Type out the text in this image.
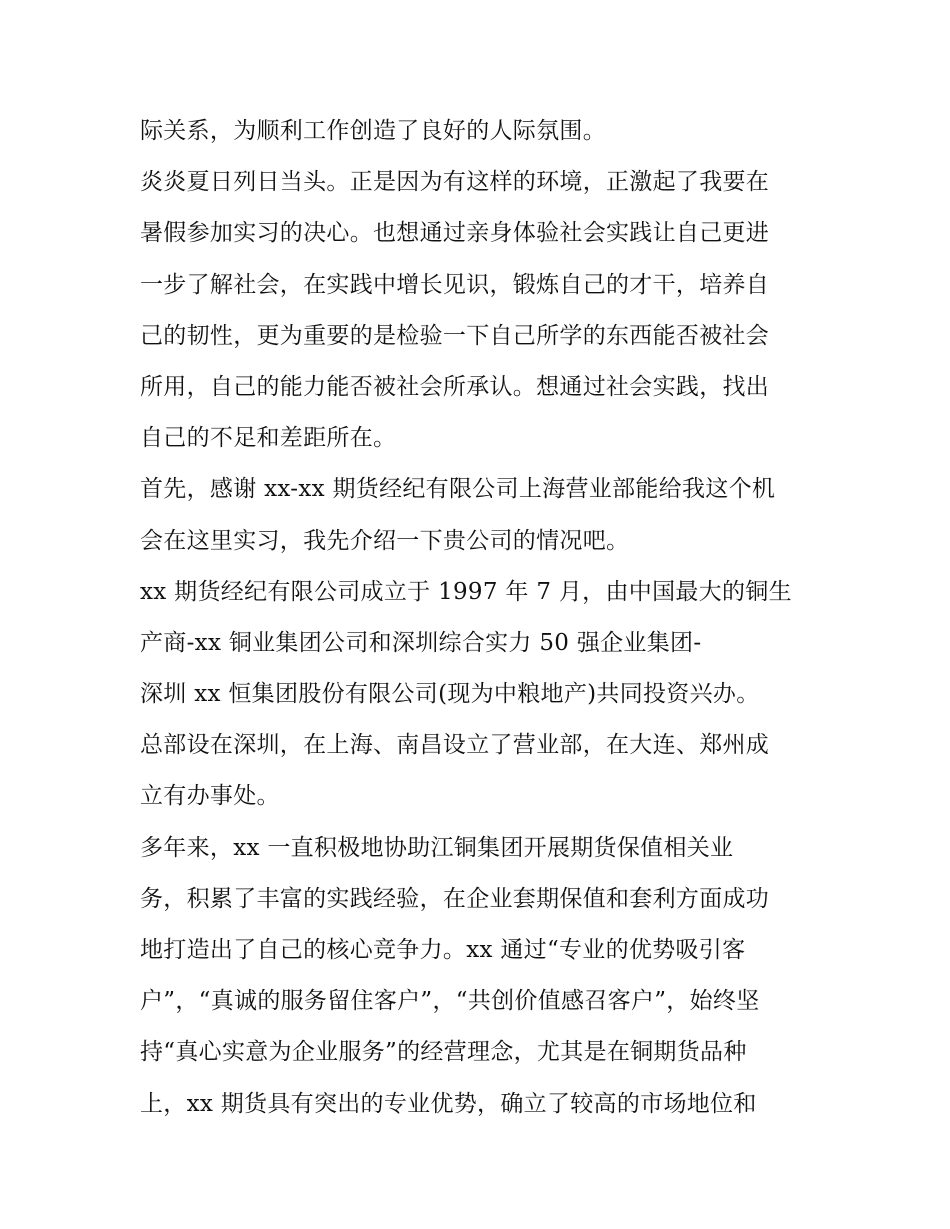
际关系，为顺利工作创造了良好的人际氛围。
炎炎夏日列日当头。正是因为有这样的环境，正激起了我要在
暑假参加实习的决心。也想通过亲身体验社会实践让自己更进
一步了解社会，在实践中增长见识，锻炼自己的才干，培养自
己的韧性，更为重要的是检验一下自己所学的东西能否被社会
所用，自己的能力能否被社会所承认。想通过社会实践，找出
自己的不足和差距所在。
首先，感谢 xx-xx 期货经纪有限公司上海营业部能给我这个机
会在这里实习，我先介绍一下贵公司的情况吧。
xx 期货经纪有限公司成立于 1997 年 7 月，由中国最大的铜生
产商-xx 铜业集团公司和深圳综合实力 50 强企业集团-
深圳 xx 恒集团股份有限公司(现为中粮地产)共同投资兴办。
总部设在深圳，在上海、南昌设立了营业部，在大连、郑州成
立有办事处。
多年来，xx 一直积极地协助江铜集团开展期货保值相关业
务，积累了丰富的实践经验，在企业套期保值和套利方面成功
地打造出了自己的核心竞争力。xx 通过“专业的优势吸引客
户”，“真诚的服务留住客户”，“共创价值感召客户”，始终坚
持“真心实意为企业服务”的经营理念，尤其是在铜期货品种
上，xx 期货具有突出的专业优势，确立了较高的市场地位和
